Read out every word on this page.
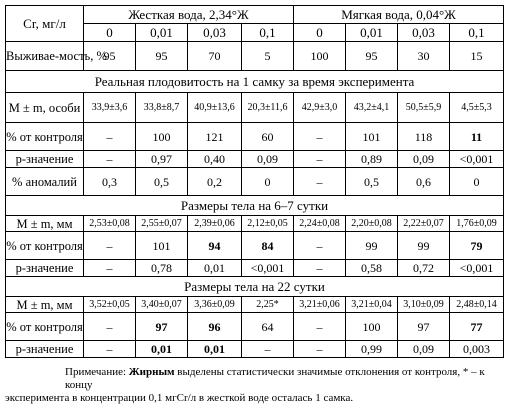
Cr, мг/л	Жесткая вода, 2,34°Ж				Мягкая вода, 0,04°Ж			
	0	0,01	0,03	0,1	0	0,01	0,03	0,1
Выживае-мость, %	95	95	70	5	100	95	30	15
Реальная плодовитость на 1 самку за время эксперимента								
M ± m, особи	33,9±3,6	33,8±8,7	40,9±13,6	20,3±11,6	42,9±3,0	43,2±4,1	50,5±5,9	4,5±5,3
% от контроля	–	100	121	60	–	101	118	11
р-значение	–	0,97	0,40	0,09	–	0,89	0,09	<0,001
% аномалий	0,3	0,5	0,2	0	–	0,5	0,6	0
Размеры тела на 6–7 сутки								
M ± m, мм	2,53±0,08	2,55±0,07	2,39±0,06	2,12±0,05	2,24±0,08	2,20±0,08	2,22±0,07	1,76±0,09
% от контроля	–	101	94	84	–	99	99	79
р-значение	–	0,78	0,01	<0,001	–	0,58	0,72	<0,001
Размеры тела на 22 сутки								
M ± m, мм	3,52±0,05	3,40±0,07	3,36±0,09	2,25*	3,21±0,06	3,21±0,04	3,10±0,09	2,48±0,14
% от контроля	–	97	96	64	–	100	97	77
р-значение	–	0,01	0,01	–	–	0,99	0,09	0,003
Примечание: Жирным выделены статистически значимые отклонения от контроля, * – к концу
эксперимента в концентрации 0,1 мгCr/л в жесткой воде осталась 1 самка.
